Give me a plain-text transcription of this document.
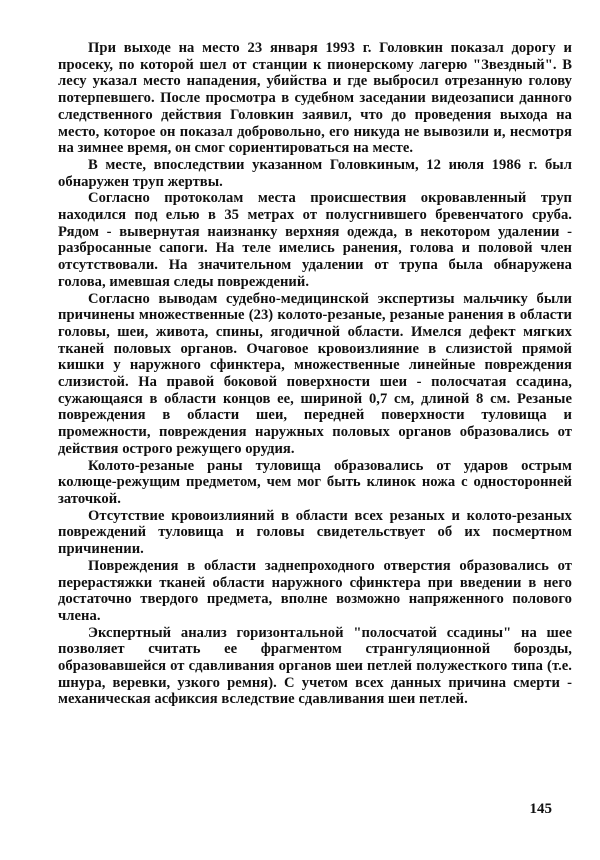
При выходе на место 23 января 1993 г. Головкин показал дорогу и просеку, по которой шел от станции к пионерскому лагерю "Звездный". В лесу указал место нападения, убийства и где выбросил отрезанную голову потерпевшего. После просмотра в судебном заседании видеозаписи данного следственного действия Головкин заявил, что до проведения выхода на место, которое он показал добровольно, его никуда не вывозили и, несмотря на зимнее время, он смог сориентироваться на месте.

В месте, впоследствии указанном Головкиным, 12 июля 1986 г. был обнаружен труп жертвы.

Согласно протоколам места происшествия окровавленный труп находился под елью в 35 метрах от полусгнившего бревенчатого сруба. Рядом - вывернутая наизнанку верхняя одежда, в некотором удалении - разбросанные сапоги. На теле имелись ранения, голова и половой член отсутствовали. На значительном удалении от трупа была обнаружена голова, имевшая следы повреждений.

Согласно выводам судебно-медицинской экспертизы мальчику были причинены множественные (23) колото-резаные, резаные ранения в области головы, шеи, живота, спины, ягодичной области. Имелся дефект мягких тканей половых органов. Очаговое кровоизлияние в слизистой прямой кишки у наружного сфинктера, множественные линейные повреждения слизистой. На правой боковой поверхности шеи - полосчатая ссадина, сужающаяся в области концов ее, шириной 0,7 см, длиной 8 см. Резаные повреждения в области шеи, передней поверхности туловища и промежности, повреждения наружных половых органов образовались от действия острого режущего орудия.

Колото-резаные раны туловища образовались от ударов острым колюще-режущим предметом, чем мог быть клинок ножа с односторонней заточкой.

Отсутствие кровоизлияний в области всех резаных и колото-резаных повреждений туловища и головы свидетельствует об их посмертном причинении.

Повреждения в области заднепроходного отверстия образовались от перерастяжки тканей области наружного сфинктера при введении в него достаточно твердого предмета, вполне возможно напряженного полового члена.

Экспертный анализ горизонтальной "полосчатой ссадины" на шее позволяет считать ее фрагментом странгуляционной борозды, образовавшейся от сдавливания органов шеи петлей полужесткого типа (т.е. шнура, веревки, узкого ремня). С учетом всех данных причина смерти - механическая асфиксия вследствие сдавливания шеи петлей.

145
